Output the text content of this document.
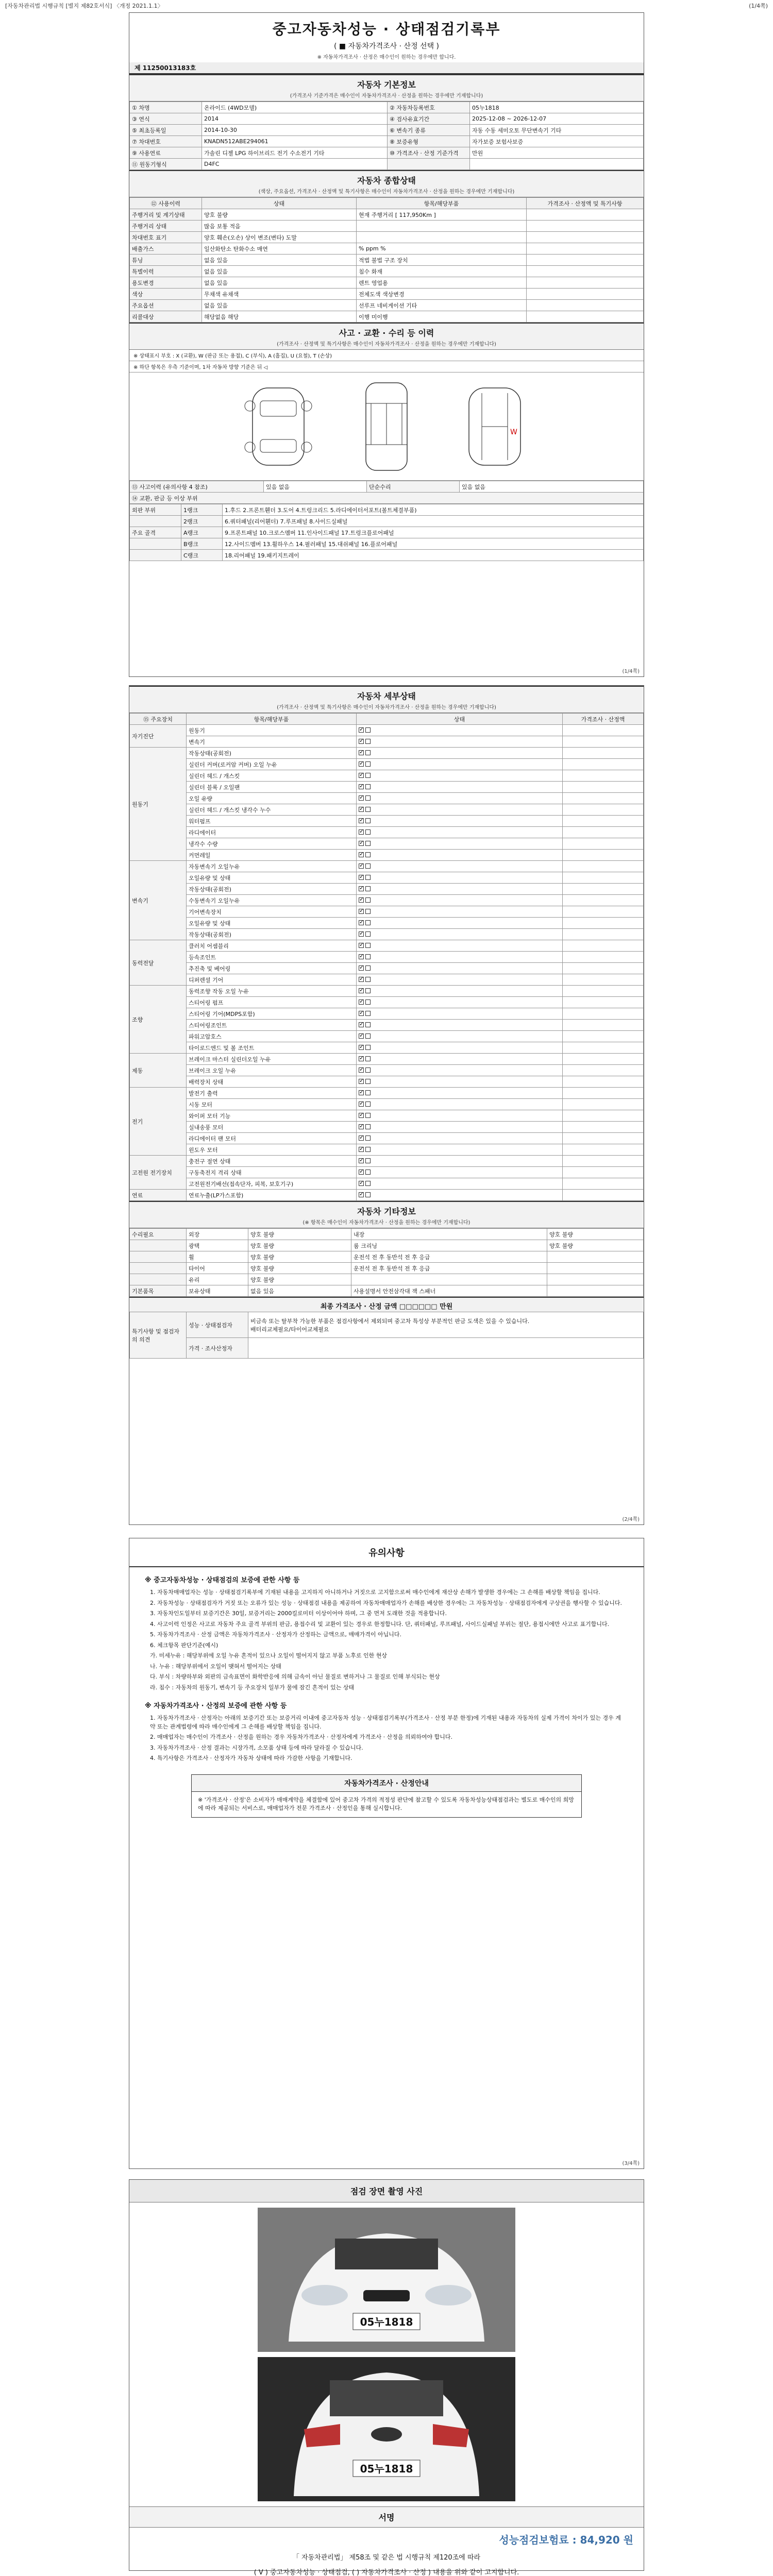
[자동차관리법 시행규칙 [별지 제82호서식] 〈개정 2021.1.1〉	(1/4쪽)
중고자동차성능 · 상태점검기록부
( ■ 자동차가격조사 · 산정 선택 )
※ 자동차가격조사 · 산정은 매수인이 원하는 경우에만 합니다.
제 11250013183호
자동차 기본정보
(가격조사 기준가격은 매수인이 자동차가격조사 · 산정을 원하는 경우에만 기재합니다)
① 차명	온라이드 (4WD모델)	② 자동차등록번호	05누1818
③ 연식	2014	④ 검사유효기간	2025-12-08 ~ 2026-12-07
⑤ 최초등록일	2014-10-30	⑥ 변속기 종류	자동 수동 세미오토 무단변속기 기타
⑦ 차대번호	KNADN512ABE294061	⑧ 보증유형	자가보증 보험사보증
⑨ 사용연료	가솔린 디젤 LPG 하이브리드 전기 수소전기 기타	⑩ 가격조사 · 산정 기준가격	만원
⑪ 원동기형식	D4FC		
자동차 종합상태
(색상, 주요옵션, 가격조사 · 산정액 및 특기사항은 매수인이 자동차가격조사 · 산정을 원하는 경우에만 기재합니다)
⑫ 사용이력	상태	항목/해당부품	가격조사 · 산정액 및 특기사항
주행거리 및 계기상태	양호 불량	현재 주행거리 [ 117,950Km ]	
주행거리 상태	많음 보통 적음		
차대번호 표기	양호 훼손(오손) 상이 변조(변타) 도말		
배출가스	일산화탄소 탄화수소 매연	% ppm %	
튜닝	없음 있음	적법 불법 구조 장치	
특별이력	없음 있음	침수 화재	
용도변경	없음 있음	렌트 영업용	
색상	무채색 유채색	전체도색 색상변경	
주요옵션	없음 있음	선루프 네비게이션 기타	
리콜대상	해당없음 해당	이행 미이행	
사고 · 교환 · 수리 등 이력
(가격조사 · 산정액 및 특기사항은 매수인이 자동차가격조사 · 산정을 원하는 경우에만 기재합니다)
※ 상태표시 부호 : X (교환), W (판금 또는 용접), C (부식), A (흠집), U (요철), T (손상)
※ 하단 항목은 우측 기준이며, 1차 자동차 방향 기준은 뒤 ◁
W
⑬ 사고이력 (유의사항 4 참조)	있음 없음	단순수리	있음 없음
⑭ 교환, 판금 등 이상 부위
외판 부위	1랭크	1.후드 2.프론트휀더 3.도어 4.트렁크리드 5.라디에이터서포트(볼트체결부품)
	2랭크	6.쿼터패널(리어휀더) 7.루프패널 8.사이드실패널
주요 골격	A랭크	9.프론트패널 10.크로스멤버 11.인사이드패널 17.트렁크플로어패널
	B랭크	12.사이드멤버 13.휠하우스 14.필러패널 15.대쉬패널 16.플로어패널
	C랭크	18.리어패널 19.패키지트레이
(1/4쪽)
자동차 세부상태
(가격조사 · 산정액 및 특기사항은 매수인이 자동차가격조사 · 산정을 원하는 경우에만 기재합니다)
⑮ 주요장치	항목/해당부품	상태	가격조사 · 산정액
자기진단	원동기	✓	
	변속기	✓	
원동기	작동상태(공회전)	✓	
	실린더 커버(로커암 커버) 오일 누유	✓	
	실린더 헤드 / 개스킷	✓	
	실린더 블록 / 오일팬	✓	
	오일 유량	✓	
	실린더 헤드 / 개스킷 냉각수 누수	✓	
	워터펌프	✓	
	라디에이터	✓	
	냉각수 수량	✓	
	커먼레일	✓	
변속기	자동변속기 오일누유	✓	
	오일유량 및 상태	✓	
	작동상태(공회전)	✓	
	수동변속기 오일누유	✓	
	기어변속장치	✓	
	오일유량 및 상태	✓	
	작동상태(공회전)	✓	
동력전달	클러치 어셈블리	✓	
	등속조인트	✓	
	추진축 및 베어링	✓	
	디퍼렌셜 기어	✓	
조향	동력조향 작동 오일 누유	✓	
	스티어링 펌프	✓	
	스티어링 기어(MDPS포함)	✓	
	스티어링조인트	✓	
	파워고압호스	✓	
	타이로드엔드 및 볼 조인트	✓	
제동	브레이크 마스터 실린더오일 누유	✓	
	브레이크 오일 누유	✓	
	배력장치 상태	✓	
전기	발전기 출력	✓	
	시동 모터	✓	
	와이퍼 모터 기능	✓	
	실내송풍 모터	✓	
	라디에이터 팬 모터	✓	
	윈도우 모터	✓	
고전원 전기장치	충전구 절연 상태	✓	
	구동축전지 격리 상태	✓	
	고전원전기배선(접속단자, 피복, 보호기구)	✓	
연료	연료누출(LP가스포함)	✓	
자동차 기타정보
(※ 항목은 매수인이 자동차가격조사 · 산정을 원하는 경우에만 기재합니다)
수리필요	외장	양호 불량	내장	양호 불량
	광택	양호 불량	룸 크리닝	양호 불량
	휠	양호 불량	운전석 전 후 동반석 전 후 응급	
	타이어	양호 불량	운전석 전 후 동반석 전 후 응급	
	유리	양호 불량		
기본품목	보유상태	없음 있음	사용설명서 안전삼각대 잭 스패너	
최종 가격조사 · 산정 금액 □□□□□□ 만원
특기사항 및 점검자의 의견	성능 · 상태점검자	비금속 또는 탈부착 가능한 부품은 점검사항에서 제외되며 중고차 특성상 부분적인 판금 도색은 있을 수 있습니다.
배터리교체필요/타이어교체필요

	가격 · 조사산정자	
(2/4쪽)
유의사항
※ 중고자동차성능 · 상태점검의 보증에 관한 사항 등
1. 자동차매매업자는 성능 · 상태점검기록부에 기재된 내용을 고지하지 아니하거나 거짓으로 고지함으로써 매수인에게 재산상 손해가 발생한 경우에는 그 손해를 배상할 책임을 집니다.
2. 자동차성능 · 상태점검자가 거짓 또는 오류가 있는 성능 · 상태점검 내용을 제공하여 자동차매매업자가 손해를 배상한 경우에는 그 자동차성능 · 상태점검자에게 구상권을 행사할 수 있습니다.
3. 자동차인도일부터 보증기간은 30일, 보증거리는 2000킬로미터 이상이어야 하며, 그 중 먼저 도래한 것을 적용합니다.
4. 사고이력 인정은 사고로 자동차 주요 골격 부위의 판금, 용접수리 및 교환이 있는 경우로 한정합니다. 단, 쿼터패널, 루프패널, 사이드실패널 부위는 절단, 용접시에만 사고로 표기합니다.
5. 자동차가격조사 · 산정 금액은 자동차가격조사 · 산정자가 산정하는 금액으로, 매매가격이 아닙니다.
6. 체크항목 판단기준(예시)
가. 미세누유 : 해당부위에 오일 누유 흔적이 있으나 오일이 떨어지지 않고 부품 노후로 인한 현상
나. 누유 : 해당부위에서 오일이 맺혀서 떨어지는 상태
다. 부식 : 차량하부와 외판의 금속표면이 화학반응에 의해 금속이 아닌 물질로 변하거나 그 물질로 인해 부식되는 현상
라. 침수 : 자동차의 원동기, 변속기 등 주요장치 일부가 물에 잠긴 흔적이 있는 상태
※ 자동차가격조사 · 산정의 보증에 관한 사항 등
1. 자동차가격조사 · 산정자는 아래의 보증기간 또는 보증거리 이내에 중고자동차 성능 · 상태점검기록부(가격조사 · 산정 부분 한정)에 기재된 내용과 자동차의 실제 가격이 차이가 있는 경우 계약 또는 관계법령에 따라 매수인에게 그 손해를 배상할 책임을 집니다.
2. 매매업자는 매수인이 가격조사 · 산정을 원하는 경우 자동차가격조사 · 산정자에게 가격조사 · 산정을 의뢰하여야 합니다.
3. 자동차가격조사 · 산정 결과는 시장가격, 소모품 상태 등에 따라 달라질 수 있습니다.
4. 특기사항은 가격조사 · 산정자가 자동차 상태에 따라 가감한 사항을 기재합니다.
자동차가격조사 · 산정안내
※ '가격조사 · 산정'은 소비자가 매매계약을 체결함에 있어 중고차 가격의 적정성 판단에 참고할 수 있도록 자동차성능상태점검과는 별도로 매수인의 희망에 따라 제공되는 서비스로, 매매업자가 전문 가격조사 · 산정인을 통해 실시합니다.
(3/4쪽)
점검 장면 촬영 사진
05누1818
05누1818
서명
성능점검보험료 : 84,920 원
「 자동차관리법」 제58조 및 같은 법 시행규칙 제120조에 따라
( V ) 중고자동차성능 · 상태점검, ( ) 자동차가격조사 · 산정 ) 내용을 위와 같이 고지합니다.
